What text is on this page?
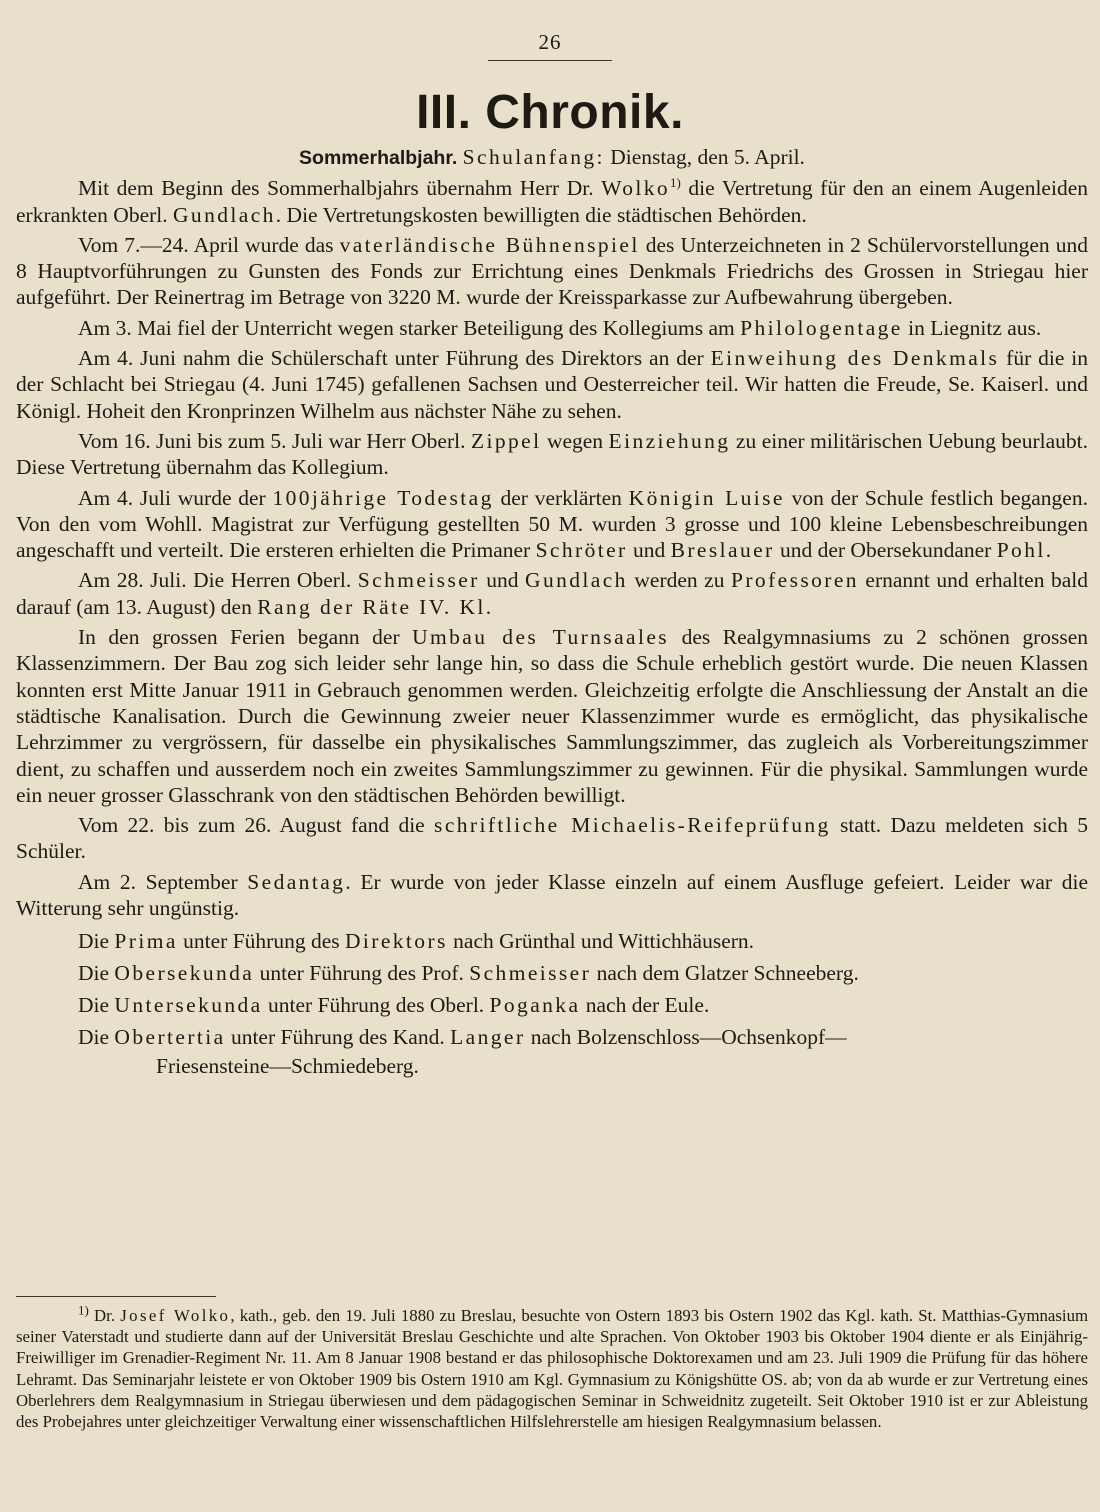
26
III. Chronik.

Sommerhalbjahr. Schulanfang: Dienstag, den 5. April.

Mit dem Beginn des Sommerhalbjahrs übernahm Herr Dr. Wolko$^{1)}$ die Vertretung für den an einem Augenleiden erkrankten Oberl. Gundlach. Die Vertretungskosten bewilligten die städtischen Behörden.

Vom 7.—24. April wurde das vaterländische Bühnenspiel des Unterzeichneten in 2 Schülervorstellungen und 8 Hauptvorführungen zu Gunsten des Fonds zur Errichtung eines Denkmals Friedrichs des Grossen in Striegau hier aufgeführt. Der Reinertrag im Betrage von 3220 M. wurde der Kreissparkasse zur Aufbewahrung übergeben.

Am 3. Mai fiel der Unterricht wegen starker Beteiligung des Kollegiums am Philologentage in Liegnitz aus.

Am 4. Juni nahm die Schülerschaft unter Führung des Direktors an der Einweihung des Denkmals für die in der Schlacht bei Striegau (4. Juni 1745) gefallenen Sachsen und Oesterreicher teil. Wir hatten die Freude, Se. Kaiserl. und Königl. Hoheit den Kronprinzen Wilhelm aus nächster Nähe zu sehen.

Vom 16. Juni bis zum 5. Juli war Herr Oberl. Zippel wegen Einziehung zu einer militärischen Uebung beurlaubt. Diese Vertretung übernahm das Kollegium.

Am 4. Juli wurde der 100jährige Todestag der verklärten Königin Luise von der Schule festlich begangen. Von den vom Wohll. Magistrat zur Verfügung gestellten 50 M. wurden 3 grosse und 100 kleine Lebensbeschreibungen angeschafft und verteilt. Die ersteren erhielten die Primaner Schröter und Breslauer und der Obersekundaner Pohl.

Am 28. Juli. Die Herren Oberl. Schmeisser und Gundlach werden zu Professoren ernannt und erhalten bald darauf (am 13. August) den Rang der Räte IV. Kl.

In den grossen Ferien begann der Umbau des Turnsaales des Realgymnasiums zu 2 schönen grossen Klassenzimmern. Der Bau zog sich leider sehr lange hin, so dass die Schule erheblich gestört wurde. Die neuen Klassen konnten erst Mitte Januar 1911 in Gebrauch genommen werden. Gleichzeitig erfolgte die Anschliessung der Anstalt an die städtische Kanalisation. Durch die Gewinnung zweier neuer Klassenzimmer wurde es ermöglicht, das physikalische Lehrzimmer zu vergrössern, für dasselbe ein physikalisches Sammlungszimmer, das zugleich als Vorbereitungszimmer dient, zu schaffen und ausserdem noch ein zweites Sammlungszimmer zu gewinnen. Für die physikal. Sammlungen wurde ein neuer grosser Glasschrank von den städtischen Behörden bewilligt.

Vom 22. bis zum 26. August fand die schriftliche Michaelis-Reifeprüfung statt. Dazu meldeten sich 5 Schüler.

Am 2. September Sedantag. Er wurde von jeder Klasse einzeln auf einem Ausfluge gefeiert. Leider war die Witterung sehr ungünstig.

Die Prima unter Führung des Direktors nach Grünthal und Wittichhäusern.
Die Obersekunda unter Führung des Prof. Schmeisser nach dem Glatzer Schneeberg.
Die Untersekunda unter Führung des Oberl. Poganka nach der Eule.
Die Obertertia unter Führung des Kand. Langer nach Bolzenschloss—Ochsenkopf—
Friesensteine—Schmiedeberg.

$^{1)}$ Dr. Josef Wolko, kath., geb. den 19. Juli 1880 zu Breslau, besuchte von Ostern 1893 bis Ostern 1902 das Kgl. kath. St. Matthias-Gymnasium seiner Vaterstadt und studierte dann auf der Universität Breslau Geschichte und alte Sprachen. Von Oktober 1903 bis Oktober 1904 diente er als Einjährig-Freiwilliger im Grenadier-Regiment Nr. 11. Am 8 Januar 1908 bestand er das philosophische Doktorexamen und am 23. Juli 1909 die Prüfung für das höhere Lehramt. Das Seminarjahr leistete er von Oktober 1909 bis Ostern 1910 am Kgl. Gymnasium zu Königshütte OS. ab; von da ab wurde er zur Vertretung eines Oberlehrers dem Realgymnasium in Striegau überwiesen und dem pädagogischen Seminar in Schweidnitz zugeteilt. Seit Oktober 1910 ist er zur Ableistung des Probejahres unter gleichzeitiger Verwaltung einer wissenschaftlichen Hilfslehrerstelle am hiesigen Realgymnasium belassen.
